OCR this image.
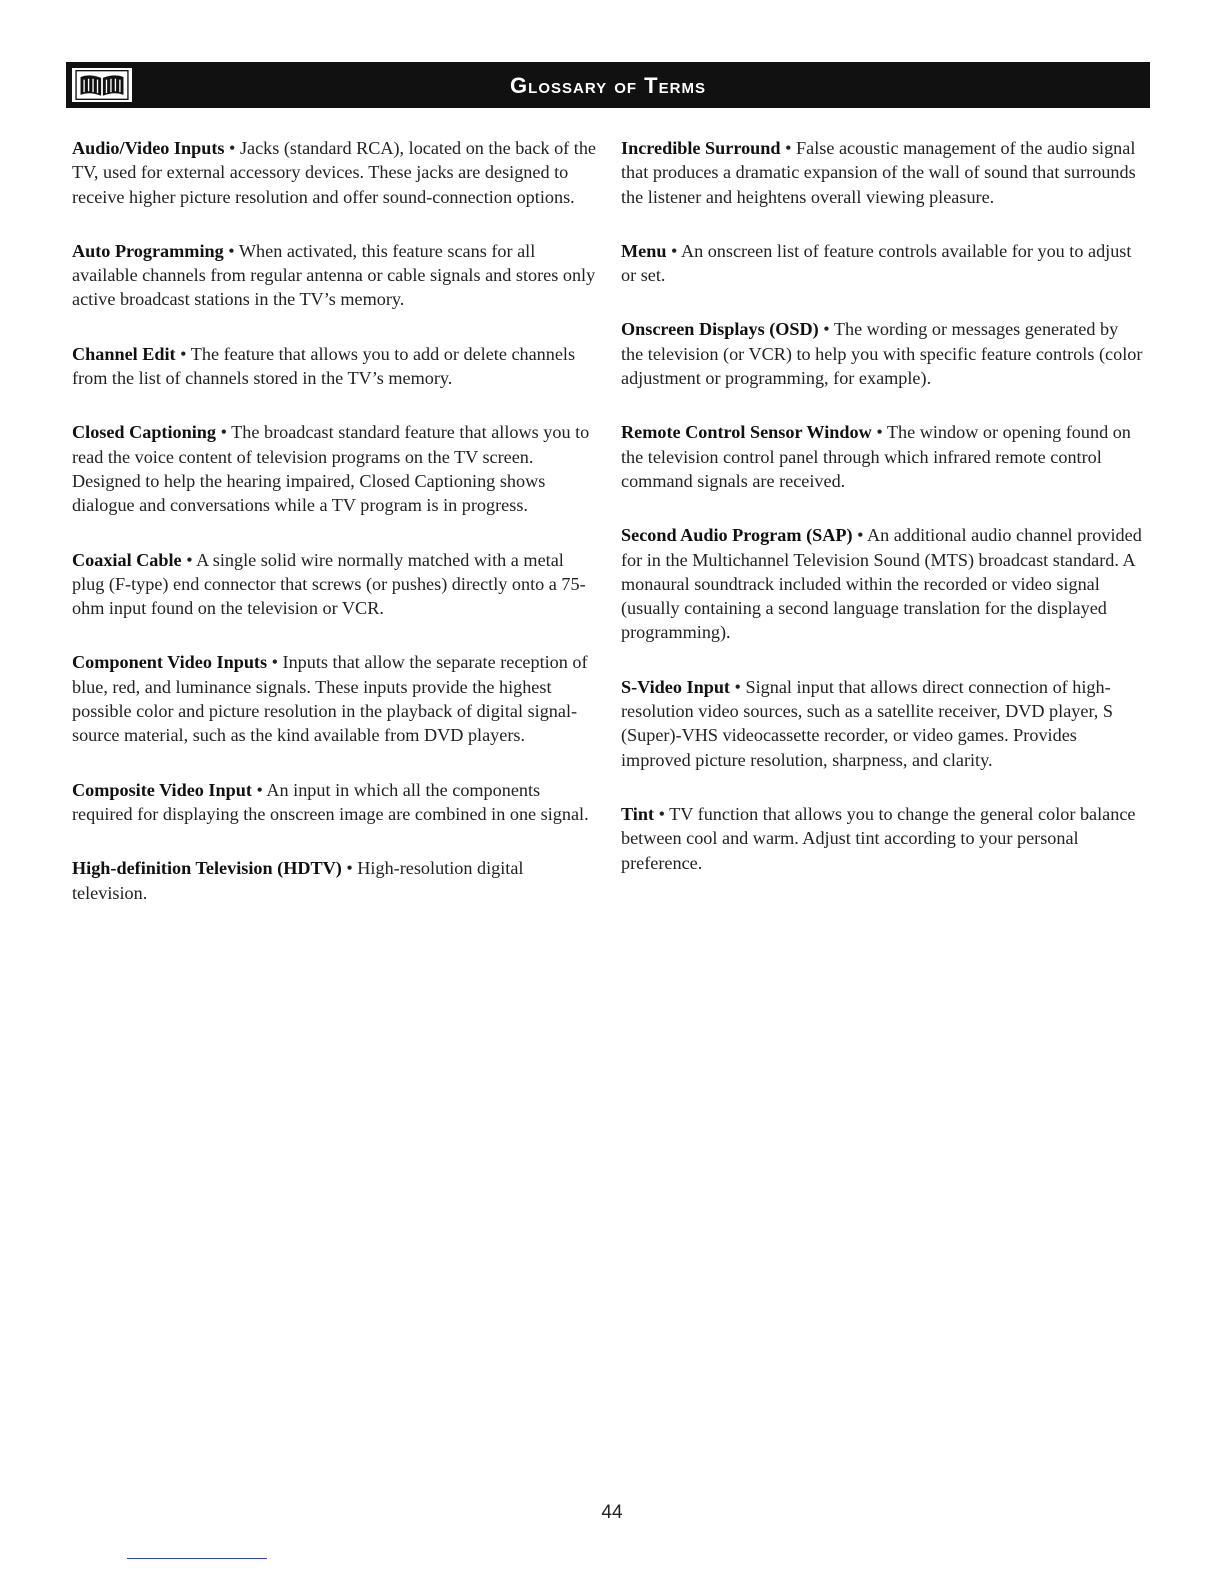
Glossary of Terms

Audio/Video Inputs • Jacks (standard RCA), located on the back of the TV, used for external accessory devices. These jacks are designed to receive higher picture resolution and offer sound-connection options.

Auto Programming • When activated, this feature scans for all available channels from regular antenna or cable signals and stores only active broadcast stations in the TV’s memory.

Channel Edit • The feature that allows you to add or delete channels from the list of channels stored in the TV’s memory.

Closed Captioning • The broadcast standard feature that allows you to read the voice content of television programs on the TV screen. Designed to help the hearing impaired, Closed Captioning shows dialogue and conversations while a TV program is in progress.

Coaxial Cable • A single solid wire normally matched with a metal plug (F-type) end connector that screws (or pushes) directly onto a 75-ohm input found on the television or VCR.

Component Video Inputs • Inputs that allow the separate reception of blue, red, and luminance signals. These inputs provide the highest possible color and picture resolution in the playback of digital signal-source material, such as the kind available from DVD players.

Composite Video Input • An input in which all the components required for displaying the onscreen image are combined in one signal.

High-definition Television (HDTV) • High-resolution digital television.

Incredible Surround • False acoustic management of the audio signal that produces a dramatic expansion of the wall of sound that surrounds the listener and heightens overall viewing pleasure.

Menu • An onscreen list of feature controls available for you to adjust or set.

Onscreen Displays (OSD) • The wording or messages generated by the television (or VCR) to help you with specific feature controls (color adjustment or programming, for example).

Remote Control Sensor Window • The window or opening found on the television control panel through which infrared remote control command signals are received.

Second Audio Program (SAP) • An additional audio channel provided for in the Multichannel Television Sound (MTS) broadcast standard. A monaural soundtrack included within the recorded or video signal (usually containing a second language translation for the displayed programming).

S-Video Input • Signal input that allows direct connection of high-resolution video sources, such as a satellite receiver, DVD player, S (Super)-VHS videocassette recorder, or video games. Provides improved picture resolution, sharpness, and clarity.

Tint • TV function that allows you to change the general color balance between cool and warm. Adjust tint according to your personal preference.

44
